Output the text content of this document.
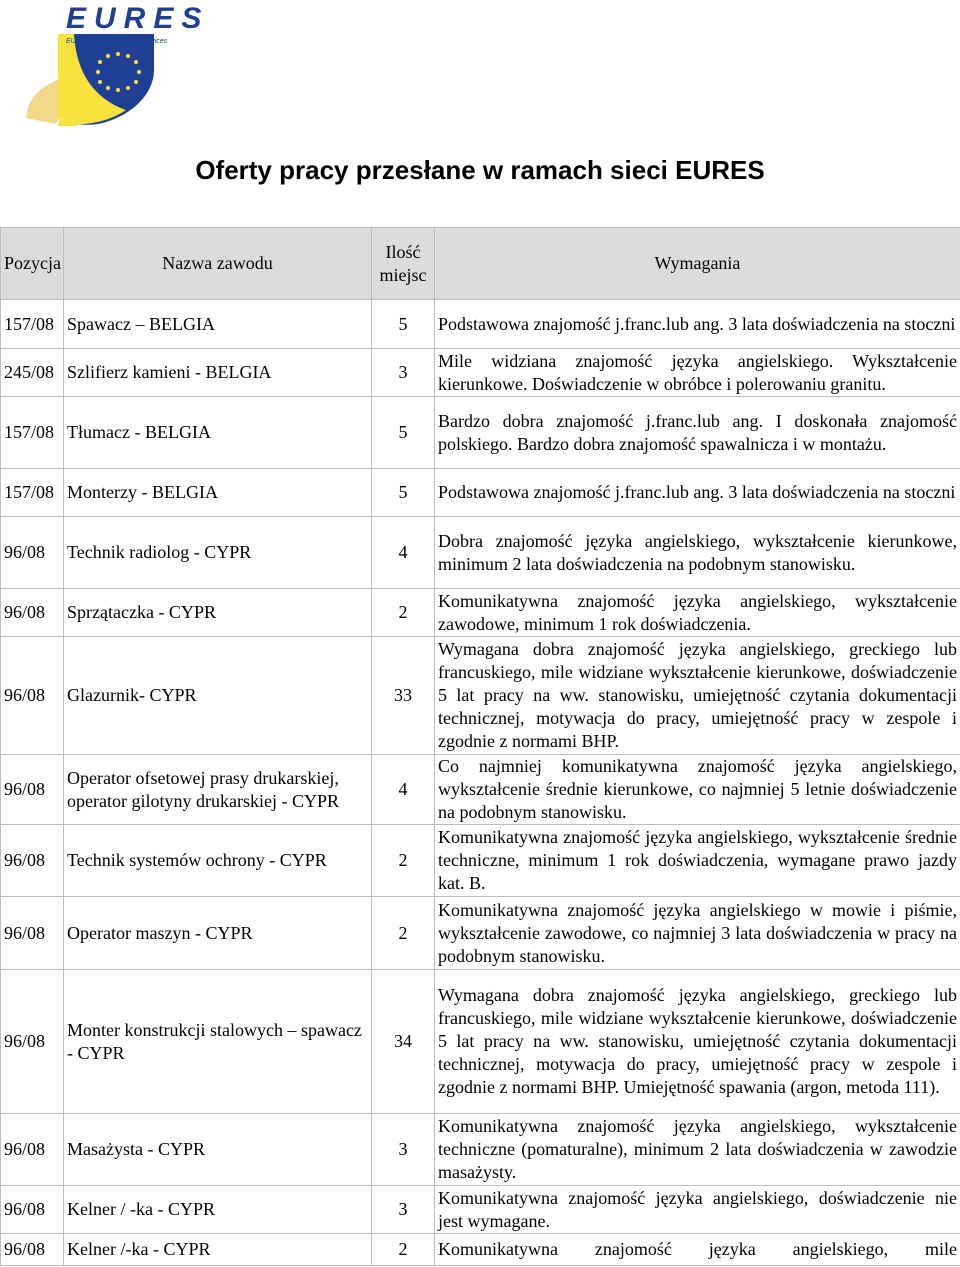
EURES
EUropean Employment Services
Oferty pracy przesłane w ramach sieci EURES
Pozycja	Nazwa zawodu	Ilość miejsc	Wymagania
157/08	Spawacz – BELGIA	5	Podstawowa znajomość j.franc.lub ang. 3 lata doświadczenia na stoczni
245/08	Szlifierz kamieni - BELGIA	3	Mile widziana znajomość języka angielskiego. Wykształcenie kierunkowe. Doświadczenie w obróbce i polerowaniu granitu.
157/08	Tłumacz - BELGIA	5	Bardzo dobra znajomość j.franc.lub ang. I doskonała znajomość polskiego. Bardzo dobra znajomość spawalnicza i w montażu.
157/08	Monterzy - BELGIA	5	Podstawowa znajomość j.franc.lub ang. 3 lata doświadczenia na stoczni
96/08	Technik radiolog - CYPR	4	Dobra znajomość języka angielskiego, wykształcenie kierunkowe, minimum 2 lata doświadczenia na podobnym stanowisku.
96/08	Sprzątaczka - CYPR	2	Komunikatywna znajomość języka angielskiego, wykształcenie zawodowe, minimum 1 rok doświadczenia.
96/08	Glazurnik- CYPR	33	Wymagana dobra znajomość języka angielskiego, greckiego lub francuskiego, mile widziane wykształcenie kierunkowe, doświadczenie 5 lat pracy na ww. stanowisku, umiejętność czytania dokumentacji technicznej, motywacja do pracy, umiejętność pracy w zespole i zgodnie z normami BHP.
96/08	Operator ofsetowej prasy drukarskiej, operator gilotyny drukarskiej - CYPR	4	Co najmniej komunikatywna znajomość języka angielskiego, wykształcenie średnie kierunkowe, co najmniej 5 letnie doświadczenie na podobnym stanowisku.
96/08	Technik systemów ochrony - CYPR	2	Komunikatywna znajomość języka angielskiego, wykształcenie średnie techniczne, minimum 1 rok doświadczenia, wymagane prawo jazdy kat. B.
96/08	Operator maszyn - CYPR	2	Komunikatywna znajomość języka angielskiego w mowie i piśmie, wykształcenie zawodowe, co najmniej 3 lata doświadczenia w pracy na podobnym stanowisku.
96/08	Monter konstrukcji stalowych – spawacz - CYPR	34	Wymagana dobra znajomość języka angielskiego, greckiego lub francuskiego, mile widziane wykształcenie kierunkowe, doświadczenie 5 lat pracy na ww. stanowisku, umiejętność czytania dokumentacji technicznej, motywacja do pracy, umiejętność pracy w zespole i zgodnie z normami BHP. Umiejętność spawania (argon, metoda 111).
96/08	Masażysta - CYPR	3	Komunikatywna znajomość języka angielskiego, wykształcenie techniczne (pomaturalne), minimum 2 lata doświadczenia w zawodzie masażysty.
96/08	Kelner / -ka - CYPR	3	Komunikatywna znajomość języka angielskiego, doświadczenie nie jest wymagane.
96/08	Kelner /-ka - CYPR	2	Komunikatywna znajomość języka angielskiego, mile
